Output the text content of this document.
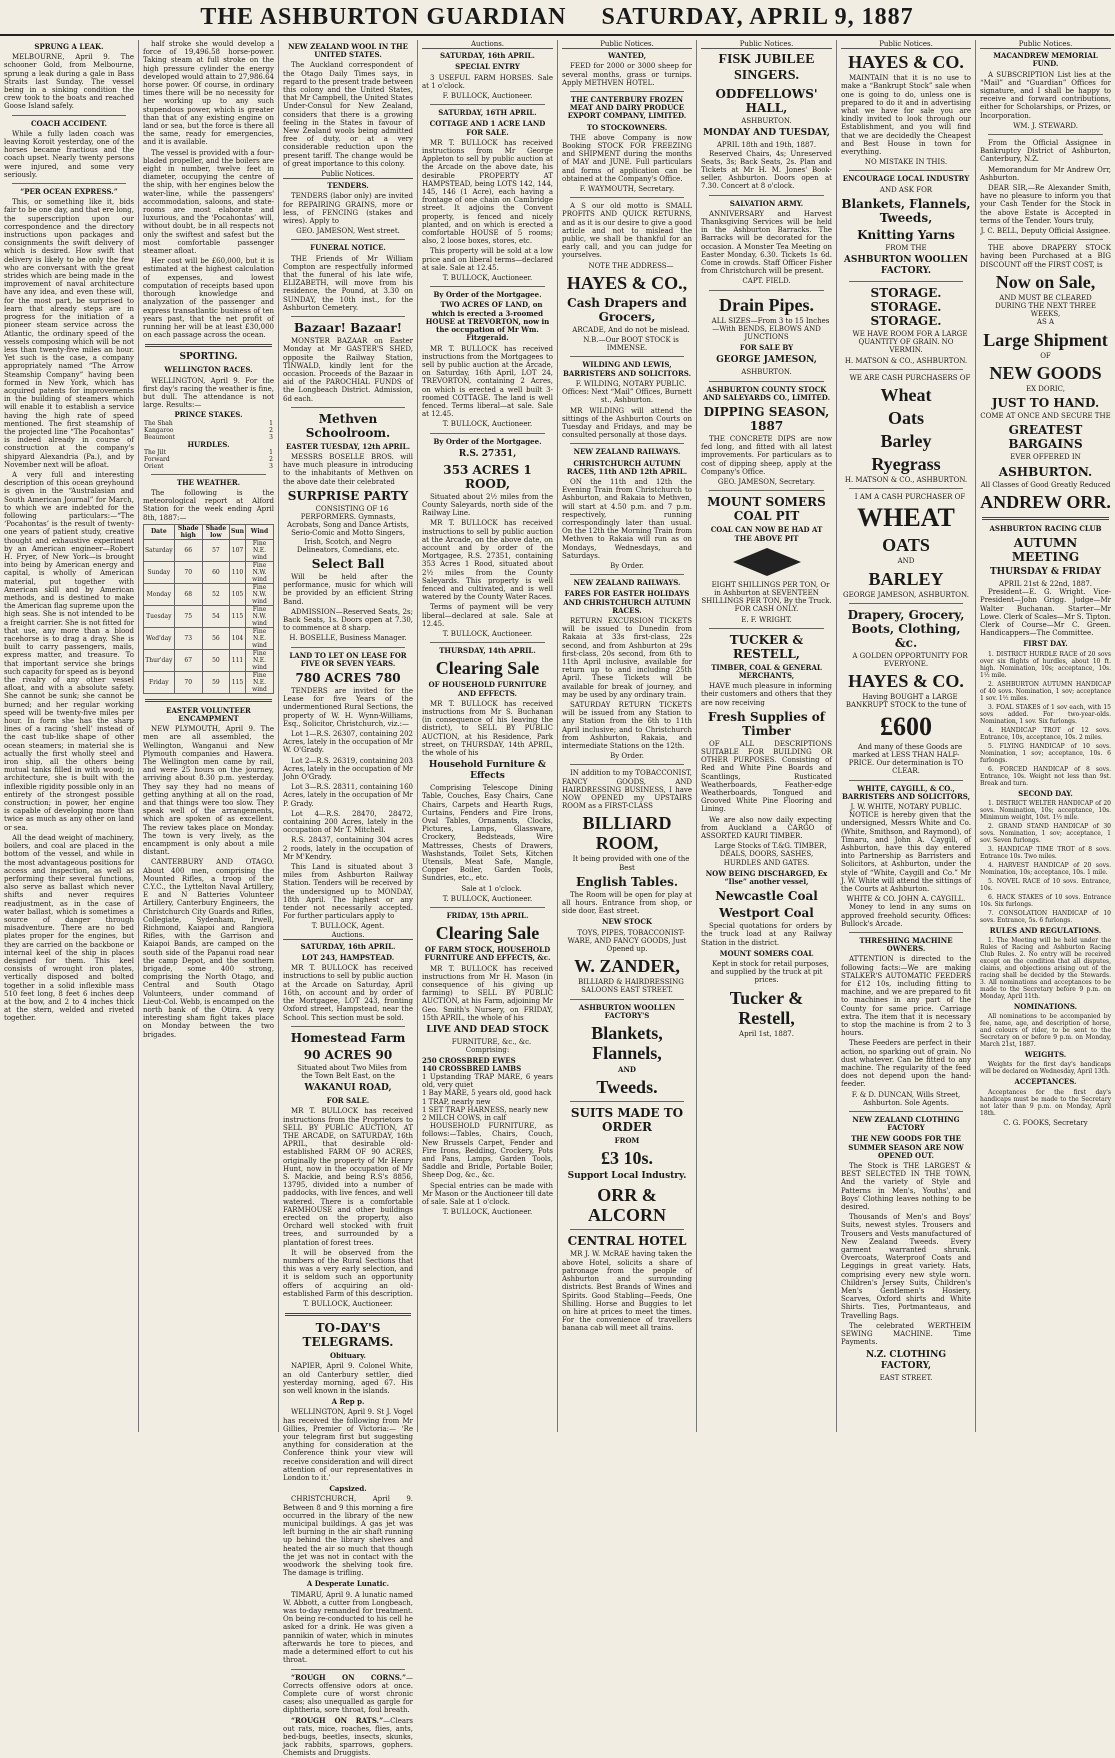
THE ASHBURTON GUARDIAN SATURDAY, APRIL 9, 1887
SPRUNG A LEAK.

MELBOURNE, April 9. The schooner Gold, from Melbourne, sprung a leak during a gale in Bass Straits last Sunday. The vessel being in a sinking condition the crew took to the boats and reached Goose Island safely.

COACH ACCIDENT.

While a fully laden coach was leaving Koroit yesterday, one of the horses became fractious and the coach upset. Nearly twenty persons were injured, and some very seriously.

“PER OCEAN EXPRESS.”

This, or something like it, bids fair to be one day, and that ere long, the superscription upon our correspondence and the directory instructions upon packages and consignments the swift delivery of which is desired. How swift that delivery is likely to be only the few who are conversant with the great strides which are being made in the improvement of naval architecture have any idea, and even these will, for the most part, be surprised to learn that already steps are in progress for the initiation of a pioneer steam service across the Atlantic, the ordinary speed of the vessels composing which will be not less than twenty-five miles an hour. Yet such is the case, a company appropriately named “The Arrow Steamship Company” having been formed in New York, which has acquired patents for improvements in the building of steamers which will enable it to establish a service having the high rate of speed mentioned. The first steamship of the projected line “The Pocahontas” is indeed already in course of construction at the company's shipyard Alexandria (Pa.), and by November next will be afloat.

A very full and interesting description of this ocean greyhound is given in the “Australasian and South American Journal” for March, to which we are indebted for the following particulars:—“The ‘Pocahontas’ is the result of twenty-one years of patient study, creative thought and exhaustive experiment by an American engineer—Robert H. Fryer, of New York—is brought into being by American energy and capital, is wholly of American material, put together with American skill and by American methods, and is destined to make the American flag supreme upon the high seas. She is not intended to be a freight carrier. She is not fitted for that use, any more than a blood racehorse is to drag a dray. She is built to carry passengers, mails, express matter, and treasure. To that important service she brings such capacity for speed as is beyond the rivalry of any other vessel afloat, and with a absolute safety. She cannot be sunk; she cannot be burned; and her regular working speed will be twenty-five miles per hour. In form she has the sharp lines of a racing ‘shell’ instead of the cast tub-like shape of other ocean steamers; in material she is actually the first wholly steel and iron ship, all the others being mutual tanks filled in with wood; in architecture, she is built with the inflexible rigidity possible only in an entirety of the strongest possible construction; in power, her engine is capable of developing more than twice as much as any other on land or sea.

All the dead weight of machinery, boilers, and coal are placed in the bottom of the vessel, and while in the most advantageous positions for access and inspection, as well as performing their several functions, also serve as ballast which never shifts and never requires readjustment, as in the case of water ballast, which is sometimes a source of danger through misadventure. There are no bed plates proper for the engines, but they are carried on the backbone or internal keel of the ship in places designed for them. This keel consists of wrought iron plates, vertically disposed and bolted together in a solid inflexible mass 510 feet long, 8 feet 6 inches deep at the bow, and 2 to 4 inches thick at the stern, welded and riveted together.

half stroke she would develop a force of 19,496.58 horse-power. Taking steam at full stroke on the high pressure cylinder the energy developed would attain to 27,986.64 horse power. Of course, in ordinary times there will be no necessity for her working up to any such stupendous power, which is greater than that of any existing engine on land or sea, but the force is there all the same, ready for emergencies, and it is available.

The vessel is provided with a four-bladed propeller, and the boilers are eight in number, twelve feet in diameter, occupying the centre of the ship, with her engines below the water-line, while the passengers' accommodation, saloons, and state-rooms are most elaborate and luxurious, and the ‘Pocahontas’ will, without doubt, be in all respects not only the swiftest and safest but the most comfortable passenger steamer afloat.

Her cost will be £60,000, but it is estimated at the highest calculation of expenses, and lowest computation of receipts based upon thorough knowledge and analyzation of the passenger and express transatlantic business of ten years past, that the net profit of running her will be at least £30,000 on each passage across the ocean.

SPORTING.
WELLINGTON RACES.

WELLINGTON, April 9. For the first day's racing the weather is fine, but dull. The attendance is not large. Results:—

PRINCE STAKES.
The Shah	1
Kangaroo	2
Beaumont	3
HURDLES.
The Jilt	1
Forward	2
Orient	3
THE WEATHER.

The following is the meteorological report at Alford Station for the week ending April 8th, 1887:—

Date	Shade high	Shade low	Sun	Wind
Saturday	66	57	107	Fine N.E. wind
Sunday	70	60	110	Fine N.W. wind
Monday	68	52	105	Fine N.W. wind
Tuesday	75	54	115	Fine N.W. wind
Wed'day	73	56	104	Fine N.E. wind
Thur'day	67	50	111	Fine N.E. wind
Friday	70	59	115	Fine N.E. wind
EASTER VOLUNTEER ENCAMPMENT

NEW PLYMOUTH, April 9. The men are all assembled, the Wellington, Wanganui and New Plymouth companies and Hawera. The Wellington men came by rail, and were 25 hours on the journey, arriving about 8.30 p.m. yesterday. They say they had no means of getting anything at all on the road, and that things were too slow. They speak well of the arrangements, which are spoken of as excellent. The review takes place on Monday. The town is very lively, as the encampment is only about a mile distant.

CANTERBURY AND OTAGO. About 400 men, comprising the Mounted Rifles, a troop of the C.Y.C., the Lyttelton Naval Artillery, E and N Batteries Volunteer Artillery, Canterbury Engineers, the Christchurch City Guards and Rifles, Collegiate, Sydenham, Irwell, Richmond, Kaiapoi and Rangiora Rifles, with the Garrison and Kaiapoi Bands, are camped on the south side of the Papanui road near the camp Depot, and the southern brigade, some 400 strong, comprising the North Otago, and Central and South Otago Volunteers, under command of Lieut-Col. Webb, is encamped on the north bank of the Otira. A very interesting sham fight takes place on Monday between the two brigades.

NEW ZEALAND WOOL IN THE UNITED STATES.

The Auckland correspondent of the Otago Daily Times says, in regard to the present trade between this colony and the United States, that Mr Campbell, the United States Under-Consul for New Zealand, considers that there is a growing feeling in the States in favour of New Zealand wools being admitted free of duty, or at a very considerable reduction upon the present tariff. The change would be of great importance to this colony.

Public Notices.
TENDERS.

TENDERS (labor only) are invited for REPAIRING GRAINS, more or less, of FENCING (stakes and wires). Apply to

GEO. JAMESON, West street.
FUNERAL NOTICE.

THE Friends of Mr William Compton are respectfully informed that the funeral of his late wife, ELIZABETH, will move from his residence, the Pound, at 3.30 on SUNDAY, the 10th inst., for the Ashburton Cemetery.

Bazaar! Bazaar!

MONSTER BAZAAR on Easter Monday at Mr GASTER'S SHED, opposite the Railway Station, TINWALD, kindly lent for the occasion. Proceeds of the Bazaar in aid of the PAROCHIAL FUNDS of the Longbeach District. Admission, 6d each.

Methven Schoolroom.
EASTER TUESDAY, 12th APRIL.

MESSRS BOSELLE BROS. will have much pleasure in introducing to the inhabitants of Methven on the above date their celebrated

SURPRISE PARTY

CONSISTING OF 16 PERFORMERS. Gymnasts, Acrobats, Song and Dance Artists, Serio-Comic and Motto Singers, Irish, Scotch, and Negro Delineators, Comedians, etc.

Select Ball

Will be held after the performance, music for which will be provided by an efficient String Band.

ADMISSION—Reserved Seats, 2s; Back Seats, 1s. Doors open at 7.30, to commence at 8 sharp.

H. BOSELLE, Business Manager.
LAND TO LET ON LEASE FOR FIVE OR SEVEN YEARS.
780 ACRES 780

TENDERS are invited for the Lease for five Years of the undermentioned Rural Sections, the property of W. H. Wynn-Williams, Esq., Solicitor, Christchurch, viz.:—

Lot 1—R.S. 26307, containing 202 Acres, lately in the occupation of Mr W. O'Grady.

Lot 2—R.S. 26319, containing 203 Acres, lately in the occupation of Mr John O'Grady.

Lot 3—R.S. 28311, containing 160 Acres, lately in the occupation of Mr P. Grady.

Lot 4—R.S. 28470, 28472, containing 200 Acres, lately in the occupation of Mr T. Mitchell.

R.S. 28437, containing 304 acres 2 roods, lately in the occupation of Mr M'Kendry.

This Land is situated about 3 miles from Ashburton Railway Station. Tenders will be received by the undersigned up to MONDAY, 18th April. The highest or any tender not necessarily accepted. For further particulars apply to

T. BULLOCK, Agent.
Auctions.
SATURDAY, 16th APRIL.
LOT 243, HAMPSTEAD.

MR T. BULLOCK has received instructions to sell by public auction at the Arcade on Saturday, April 16th, on account and by order of the Mortgagee, LOT 243, fronting Oxford street, Hampstead, near the School. This section must be sold.

Homestead Farm
90 ACRES 90

Situated about Two Miles from the Town Belt East, on the

WAKANUI ROAD,
FOR SALE.

MR T. BULLOCK has received instructions from the Proprietors to SELL BY PUBLIC AUCTION, AT THE ARCADE, on SATURDAY, 16th APRIL, that desirable old-established FARM OF 90 ACRES, originally the property of Mr Henry Hunt, now in the occupation of Mr S. Mackie, and being R.S's 8856, 13795, divided into a number of paddocks, with live fences, and well watered. There is a comfortable FARMHOUSE and other buildings erected on the property, also Orchard well stocked with fruit trees, and surrounded by a plantation of forest trees.

It will be observed from the numbers of the Rural Sections that this was a very early selection, and it is seldom such an opportunity offers of acquiring an old-established Farm of this description.

T. BULLOCK, Auctioneer.
TO-DAY'S TELEGRAMS.
Obituary.

NAPIER, April 9. Colonel White, an old Canterbury settler, died yesterday morning, aged 67. His son well known in the islands.

A Rep p.

WELLINGTON, April 9. St J. Vogel has received the following from Mr Gillies, Premier of Victoria:— ‘Re your telegram first but suggesting anything for consideration at the Conference think your view will receive consideration and will direct attention of our representatives in London to it.’

Capsized.

CHRISTCHURCH, April 9. Between 8 and 9 this morning a fire occurred in the library of the new municipal buildings. A gas jet was left burning in the air shaft running up behind the library shelves and heated the air so much that though the jet was not in contact with the woodwork the shelving took fire. The damage is trifling.

A Desperate Lunatic.

TIMARU, April 9. A lunatic named W. Abbott, a cutter from Longbeach, was to-day remanded for treatment. On being re-conducted to his cell he asked for a drink. He was given a pannikin of water, which in minutes afterwards he tore to pieces, and made a determined effort to cut his throat.

“ROUGH ON CORNS.”—Corrects offensive odors at once. Complete cure of worst chronic cases; also unequalled as gargle for diphtheria, sore throat, foul breath.

“ROUGH ON RATS.”—Clears out rats, mice, roaches, flies, ants, bed-bugs, beetles, insects, skunks, jack rabbits, sparrows, gophers. Chemists and Druggists.

Auctions.
SATURDAY, 16th APRIL.
SPECIAL ENTRY

3 USEFUL FARM HORSES. Sale at 1 o'clock.

F. BULLOCK, Auctioneer.
SATURDAY, 16TH APRIL.
COTTAGE AND 1 ACRE LAND FOR SALE.

MR T. BULLOCK has received instructions from Mr George Appleton to sell by public auction at the Arcade on the above date, his desirable PROPERTY AT HAMPSTEAD, being LOTS 142, 144, 145, 146 (1 Acre), each having a frontage of one chain on Cambridge street. It adjoins the Convent property, is fenced and nicely planted, and on which is erected a comfortable HOUSE of 5 rooms; also, 2 loose boxes, stores, etc.

This property will be sold at a low price and on liberal terms—declared at sale. Sale at 12.45.

T. BULLOCK, Auctioneer.
By Order of the Mortgagee.

TWO ACRES OF LAND, on which is erected a 3-roomed HOUSE at TREVORTON, now in the occupation of Mr Wm. Fitzgerald.

MR T. BULLOCK has received instructions from the Mortgagees to sell by public auction at the Arcade, on Saturday, 16th April, LOT 24, TREVORTON, containing 2 Acres, on which is erected a well built 3-roomed COTTAGE. The land is well fenced. Terms liberal—at sale. Sale at 12.45.

T. BULLOCK, Auctioneer.
By Order of the Mortgagee.
R.S. 27351,
353 ACRES 1 ROOD,

Situated about 2½ miles from the County Saleyards, north side of the Railway Line.

MR T. BULLOCK has received instructions to sell by public auction at the Arcade, on the above date, on account and by order of the Mortgagee, R.S. 27351, containing 353 Acres 1 Rood, situated about 2½ miles from the County Saleyards. This property is well fenced and cultivated, and is well watered by the County Water Races.

Terms of payment will be very liberal—declared at sale. Sale at 12.45.

T. BULLOCK, Auctioneer.
THURSDAY, 14th APRIL.
Clearing Sale
OF HOUSEHOLD FURNITURE AND EFFECTS.

MR T. BULLOCK has received instructions from Mr S. Buchanan (in consequence of his leaving the district), to SELL BY PUBLIC AUCTION, at his Residence, Park street, on THURSDAY, 14th APRIL, the whole of his

Household Furniture & Effects

Comprising Telescope Dining Table, Couches, Easy Chairs, Cane Chairs, Carpets and Hearth Rugs, Curtains, Fenders and Fire Irons, Oval Tables, Ornaments, Clocks, Pictures, Lamps, Glassware, Crockery, Bedsteads, Wire Mattresses, Chests of Drawers, Washstands, Toilet Sets, Kitchen Utensils, Meat Safe, Mangle, Copper Boiler, Garden Tools, Sundries, etc., etc.

Sale at 1 o'clock.

T. BULLOCK, Auctioneer.
FRIDAY, 15th APRIL.
Clearing Sale
OF FARM STOCK, HOUSEHOLD FURNITURE AND EFFECTS, &c.

MR T. BULLOCK has received instructions from Mr H. Mason (in consequence of his giving up farming) to SELL BY PUBLIC AUCTION, at his Farm, adjoining Mr Geo. Smith's Nursery, on FRIDAY, 15th APRIL, the whole of his

LIVE AND DEAD STOCK

FURNITURE, &c., &c. Comprising:

250 CROSSBRED EWES
140 CROSSBRED LAMBS
1 Upstanding TRAP MARE, 6 years old, very quiet
1 Bay MARE, 5 years old, good hack
1 TRAP, nearly new
1 SET TRAP HARNESS, nearly new
2 MILCH COWS, in calf

HOUSEHOLD FURNITURE, as follows:—Tables, Chairs, Couch, New Brussels Carpet, Fender and Fire Irons, Bedding, Crockery, Pots and Pans, Lamps, Garden Tools, Saddle and Bridle, Portable Boiler, Sheep Dog, &c., &c.

Special entries can be made with Mr Mason or the Auctioneer till date of sale. Sale at 1 o'clock.

T. BULLOCK, Auctioneer.
Public Notices.
WANTED,

FEED for 2000 or 3000 sheep for several months, grass or turnips. Apply METHVEN HOTEL.

THE CANTERBURY FROZEN MEAT AND DAIRY PRODUCE EXPORT COMPANY, LIMITED.
TO STOCKOWNERS.

THE above Company is now Booking STOCK FOR FREEZING and SHIPMENT during the months of MAY and JUNE. Full particulars and forms of application can be obtained at the Company's Office.

F. WAYMOUTH, Secretary.

A S our old motto is SMALL PROFITS AND QUICK RETURNS, and as it is our desire to give a good article and not to mislead the public, we shall be thankful for an early call, and you can judge for yourselves.

NOTE THE ADDRESS—

HAYES & CO.,
Cash Drapers and Grocers,

ARCADE, And do not be mislead.

N.B.—Our BOOT STOCK is IMMENSE.

WILDING AND LEWIS, BARRISTERS AND SOLICITORS.

F. WILDING, NOTARY PUBLIC. Offices: Next “Mail” Offices, Burnett st., Ashburton.

MR WILDING will attend the sittings of the Ashburton Courts on Tuesday and Fridays, and may be consulted personally at those days.

NEW ZEALAND RAILWAYS.
CHRISTCHURCH AUTUMN RACES, 11th AND 12th APRIL.

ON the 11th and 12th the Evening Train from Christchurch to Ashburton, and Rakaia to Methven, will start at 4.50 p.m. and 7 p.m. respectively, running correspondingly later than usual. On the 12th the Morning Train from Methven to Rakaia will run as on Mondays, Wednesdays, and Saturdays.

By Order.
NEW ZEALAND RAILWAYS.
FARES FOR EASTER HOLIDAYS AND CHRISTCHURCH AUTUMN RACES.

RETURN EXCURSION TICKETS will be issued to Dunedin from Rakaia at 33s first-class, 22s second, and from Ashburton at 29s first-class, 20s second, from 6th to 11th April inclusive, available for return up to and including 25th April. These Tickets will be available for break of journey, and may be used by any ordinary train.

SATURDAY RETURN TICKETS will be issued from any Station to any Station from the 6th to 11th April inclusive; and to Christchurch from Ashburton, Rakaia, and intermediate Stations on the 12th.

By Order.

IN addition to my TOBACCONIST, FANCY GOODS, AND HAIRDRESSING BUSINESS, I have NOW OPENED my UPSTAIRS ROOM as a FIRST-CLASS

BILLIARD ROOM,

It being provided with one of the Best

English Tables.

The Room will be open for play at all hours. Entrance from shop, or side door, East street.

NEW STOCK

TOYS, PIPES, TOBACCONIST-WARE, AND FANCY GOODS, Just Opened up.

W. ZANDER,

BILLIARD & HAIRDRESSING SALOONS EAST STREET.

ASHBURTON WOOLLEN FACTORY'S
Blankets, Flannels,
AND
Tweeds.
SUITS MADE TO ORDER
FROM
£3 10s.
Support Local Industry.
ORR & ALCORN
CENTRAL HOTEL

MR J. W. McRAE having taken the above Hotel, solicits a share of patronage from the people of Ashburton and surrounding districts. Best Brands of Wines and Spirits. Good Stabling—Feeds, One Shilling. Horse and Buggies to let on hire at prices to meet the times. For the convenience of travellers banana cab will meet all trains.

Public Notices.
FISK JUBILEE SINGERS.
ODDFELLOWS' HALL,
ASHBURTON.
MONDAY AND TUESDAY,
APRIL 18th and 19th, 1887.

Reserved Chairs, 4s; Unreserved Seats, 3s; Back Seats, 2s. Plan and Tickets at Mr H. M. Jones' Book-seller, Ashburton. Doors open at 7.30. Concert at 8 o'clock.

SALVATION ARMY.

ANNIVERSARY and Harvest Thanksgiving Services will be held in the Ashburton Barracks. The Barracks will be decorated for the occasion. A Monster Tea Meeting on Easter Monday, 6.30. Tickets 1s 6d. Come in crowds. Staff Officer Fisher from Christchurch will be present.

CAPT. FIELD.
Drain Pipes.

ALL SIZES—From 3 to 15 Inches—With BENDS, ELBOWS AND JUNCTIONS

FOR SALE BY
GEORGE JAMESON,
ASHBURTON.
ASHBURTON COUNTY STOCK AND SALEYARDS CO., LIMITED.
DIPPING SEASON, 1887

THE CONCRETE DIPS are now fed long, and fitted with all latest improvements. For particulars as to cost of dipping sheep, apply at the Company's Office.

GEO. JAMESON, Secretary.
MOUNT SOMERS COAL PIT
COAL CAN NOW BE HAD AT THE ABOVE PIT

EIGHT SHILLINGS PER TON, Or in Ashburton at SEVENTEEN SHILLINGS PER TON, By the Truck. FOR CASH ONLY.

E. F. WRIGHT.
TUCKER & RESTELL,
TIMBER, COAL & GENERAL MERCHANTS,

HAVE much pleasure in informing their customers and others that they are now receiving

Fresh Supplies of Timber

OF ALL DESCRIPTIONS SUITABLE FOR BUILDING OR OTHER PURPOSES. Consisting of Red and White Pine Boards and Scantlings, Rusticated Weatherboards, Feather-edge Weatherboards, Tongued and Grooved White Pine Flooring and Lining.

We are also now daily expecting from Auckland a CARGO of ASSORTED KAURI TIMBER.

Large Stocks of T.&G. TIMBER, DEALS, DOORS, SASHES, HURDLES AND GATES.

NOW BEING DISCHARGED, Ex “Ilse” another vessel,
Newcastle Coal
Westport Coal

Special quotations for orders by the truck load at any Railway Station in the district.

MOUNT SOMERS COAL

Kept in stock for retail purposes, and supplied by the truck at pit prices.

Tucker & Restell,
April 1st, 1887.
Public Notices.
HAYES & CO.

MAINTAIN that it is no use to make a “Bankrupt Stock” sale when one is going to do, unless one is prepared to do it and in advertising what we have for sale you are kindly invited to look through our Establishment, and you will find that we are decidedly the Cheapest and Best House in town for everything.

NO MISTAKE IN THIS.
ENCOURAGE LOCAL INDUSTRY
AND ASK FOR
Blankets, Flannels, Tweeds,
Knitting Yarns
FROM THE
ASHBURTON WOOLLEN FACTORY.
STORAGE. STORAGE. STORAGE.

WE HAVE ROOM FOR A LARGE QUANTITY OF GRAIN. NO VERMIN.

H. MATSON & CO., ASHBURTON.

WE ARE CASH PURCHASERS OF

Wheat
Oats
Barley
Ryegrass
H. MATSON & CO., ASHBURTON.

I AM A CASH PURCHASER OF

WHEAT
OATS
AND
BARLEY
GEORGE JAMESON, ASHBURTON.
Drapery, Grocery, Boots, Clothing, &c.

A GOLDEN OPPORTUNITY FOR EVERYONE.

HAYES & CO.

Having BOUGHT a LARGE BANKRUPT STOCK to the tune of

£600

And many of these Goods are marked at LESS THAN HALF-PRICE. Our determination is TO CLEAR.

WHITE, CAYGILL, & CO., BARRISTERS AND SOLICITORS,
J. W. WHITE, NOTARY PUBLIC.

NOTICE is hereby given that the undersigned, Messrs White and Co. (White, Smithson, and Raymond), of Timaru, and John A. Caygill, of Ashburton, have this day entered into Partnership as Barristers and Solicitors, at Ashburton, under the style of “White, Caygill and Co.” Mr J. W. White will attend the sittings of the Courts at Ashburton.

WHITE & CO. JOHN A. CAYGILL.

Money to lend in any sums on approved freehold security. Offices: Bullock's Arcade.

THRESHING MACHINE OWNERS.

ATTENTION is directed to the following facts:—We are making STALKER'S AUTOMATIC FEEDERS for £12 10s, including fitting to machine, and we are prepared to fit to machines in any part of the County for same price. Carriage extra. The item that it is necessary to stop the machine is from 2 to 3 hours.

These Feeders are perfect in their action, no sparking out of grain. No dust whatever. Can be fitted to any machine. The regularity of the feed does not depend upon the hand-feeder.

F. & D. DUNCAN, Wills Street, Ashburton. Sole Agents.
NEW ZEALAND CLOTHING FACTORY
THE NEW GOODS FOR THE SUMMER SEASON ARE NOW OPENED OUT.

The Stock is THE LARGEST & BEST SELECTED IN THE TOWN, And the variety of Style and Patterns in Men's, Youths', and Boys' Clothing leaves nothing to be desired.

Thousands of Men's and Boys' Suits, newest styles. Trousers and Trousers and Vests manufactured of New Zealand Tweeds. Every garment warranted shrunk. Overcoats, Waterproof Coats and Leggings in great variety. Hats, comprising every new style worn. Children's Jersey Suits, Children's Men's Gentlemen's Hosiery, Scarves, Oxford shirts and White Shirts. Ties, Portmanteaus, and Travelling Bags.

The celebrated WERTHEIM SEWING MACHINE. Time Payments.

N.Z. CLOTHING FACTORY,
EAST STREET.
Public Notices.
MACANDREW MEMORIAL FUND.

A SUBSCRIPTION List lies at the “Mail” and “Guardian” Offices for signature, and I shall be happy to receive and forward contributions, either for Scholarships, or Prizes, or Incorporation.

WM. J. STEWARD.

From the Official Assignee in Bankruptcy District of Ashburton, Canterbury, N.Z.

Memorandum for Mr Andrew Orr, Ashburton.

DEAR SIR,—Re Alexander Smith, have no pleasure to inform you that your Cash Tender for the Stock in the above Estate is Accepted in terms of the Tender. Yours truly,

J. C. BELL, Deputy Official Assignee.

THE above DRAPERY STOCK having been Purchased at a BIG DISCOUNT off the FIRST COST, is

Now on Sale,
AND MUST BE CLEARED
DURING THE NEXT THREE WEEKS,
AS A
Large Shipment
OF
NEW GOODS
EX DORIC,
JUST TO HAND.
COME AT ONCE AND SECURE THE
GREATEST BARGAINS
EVER OFFERED IN
ASHBURTON.
All Classes of Good Greatly Reduced
ANDREW ORR.
ASHBURTON RACING CLUB
AUTUMN MEETING
THURSDAY & FRIDAY
APRIL 21st & 22nd, 1887.

President—E. G. Wright. Vice-President—John Grigg. Judge—Mr Walter Buchanan. Starter—Mr Lowe. Clerk of Scales—Mr S. Tipton. Clerk of Course—Mr C. Green. Handicappers—The Committee.

FIRST DAY.

1. DISTRICT HURDLE RACE of 20 sovs over six flights of hurdles, about 10 ft. high. Nomination, 10s; acceptance, 10s. 1½ mile.

2. ASHBURTON AUTUMN HANDICAP of 40 sovs. Nomination, 1 sov; acceptance 1 sov. 1½ miles.

3. FOAL STAKES of 1 sov each, with 15 sovs added. For two-year-olds. Nomination, 1 sov. Six furlongs.

4. HANDICAP TROT of 12 sovs. Entrance, 10s, acceptance, 10s. 2 miles.

5. FLYING HANDICAP of 10 sovs. Nomination, 1 sov; acceptance, 10s. 6 furlongs.

6. FORCED HANDICAP of 8 sovs. Entrance, 10s. Weight not less than 9st. Break and turn.

SECOND DAY.

1. DISTRICT WELTER HANDICAP of 20 sovs. Nomination, 10s; acceptance, 10s. Minimum weight, 10st. 1½ mile.

2. GRAND STAND HANDICAP of 30 sovs. Nomination, 1 sov; acceptance, 1 sov. Seven furlongs.

3. HANDICAP TIME TROT of 8 sovs. Entrance 10s. Two miles.

4. HARVEST HANDICAP of 20 sovs. Nomination, 10s; acceptance, 10s. 1 mile.

5. NOVEL RACE of 10 sovs. Entrance, 10s.

6. HACK STAKES of 10 sovs. Entrance 10s. Six furlongs.

7. CONSOLATION HANDICAP of 10 sovs. Entrance, 5s. 6 furlongs.

RULES AND REGULATIONS.

1. The Meeting will be held under the Rules of Racing and Ashburton Racing Club Rules. 2. No entry will be received except on the condition that all disputes, claims, and objections arising out of the racing shall be decided by the Stewards. 3. All nominations and acceptances to be made to the Secretary before 9 p.m. on Monday, April 11th.

NOMINATIONS.

All nominations to be accompanied by fee, name, age, and description of horse, and colours of rider, to be sent to the Secretary on or before 9 p.m. on Monday, March 21st, 1887.

WEIGHTS.

Weights for the first day's handicaps will be declared on Wednesday, April 13th.

ACCEPTANCES.

Acceptances for the first day's handicaps must be made to the Secretary not later than 9 p.m. on Monday, April 18th.

C. G. FOOKS, Secretary
